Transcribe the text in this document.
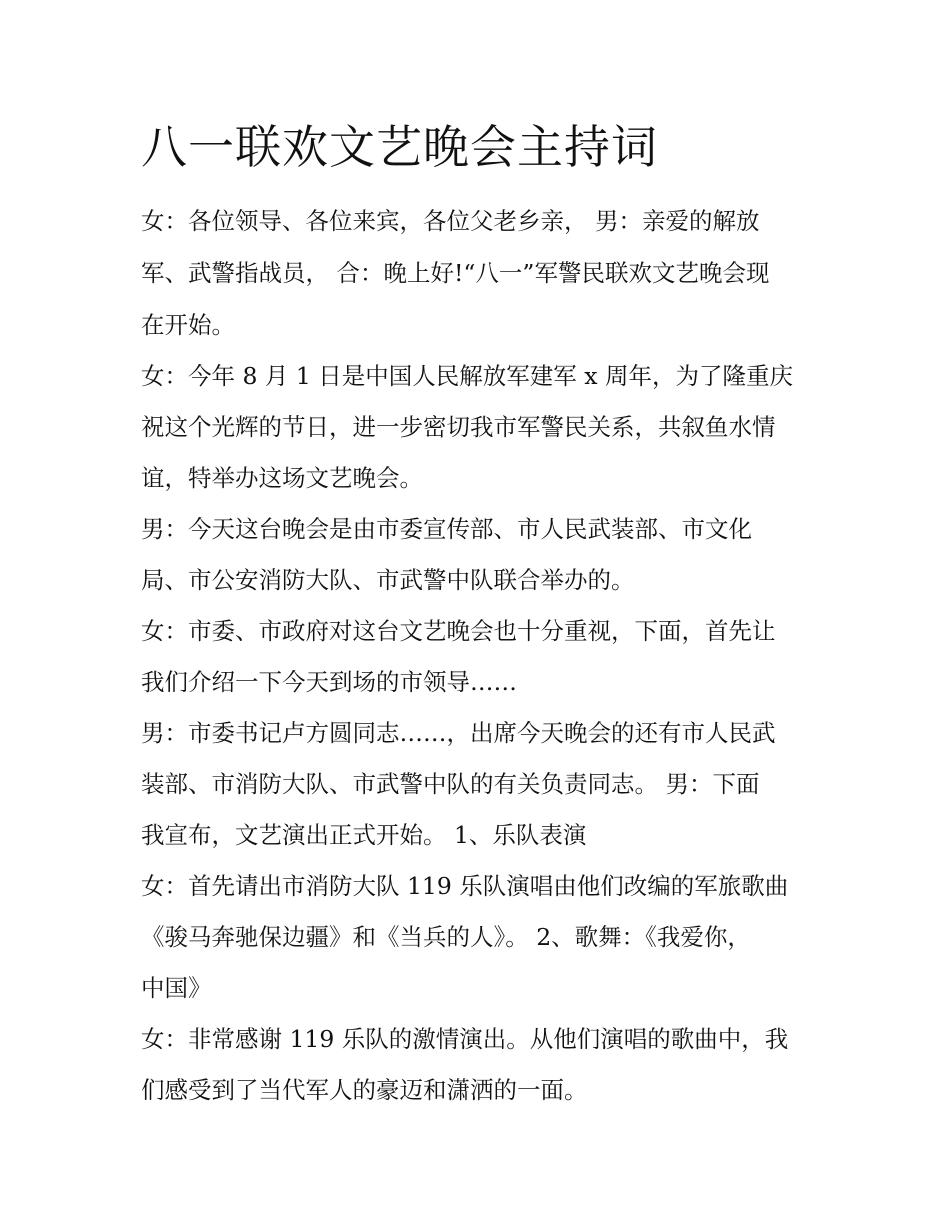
八一联欢文艺晚会主持词

女：各位领导、各位来宾，各位父老乡亲， 男：亲爱的解放

军、武警指战员， 合：晚上好!“八一”军警民联欢文艺晚会现

在开始。

女：今年 8 月 1 日是中国人民解放军建军 x 周年，为了隆重庆

祝这个光辉的节日，进一步密切我市军警民关系，共叙鱼水情

谊，特举办这场文艺晚会。

男：今天这台晚会是由市委宣传部、市人民武装部、市文化

局、市公安消防大队、市武警中队联合举办的。

女：市委、市政府对这台文艺晚会也十分重视，下面，首先让

我们介绍一下今天到场的市领导……

男：市委书记卢方圆同志……，出席今天晚会的还有市人民武

装部、市消防大队、市武警中队的有关负责同志。 男：下面

我宣布，文艺演出正式开始。 1、乐队表演

女：首先请出市消防大队 119 乐队演唱由他们改编的军旅歌曲

《骏马奔驰保边疆》和《当兵的人》。 2、歌舞：《我爱你，

中国》

女：非常感谢 119 乐队的激情演出。从他们演唱的歌曲中，我

们感受到了当代军人的豪迈和潇洒的一面。
